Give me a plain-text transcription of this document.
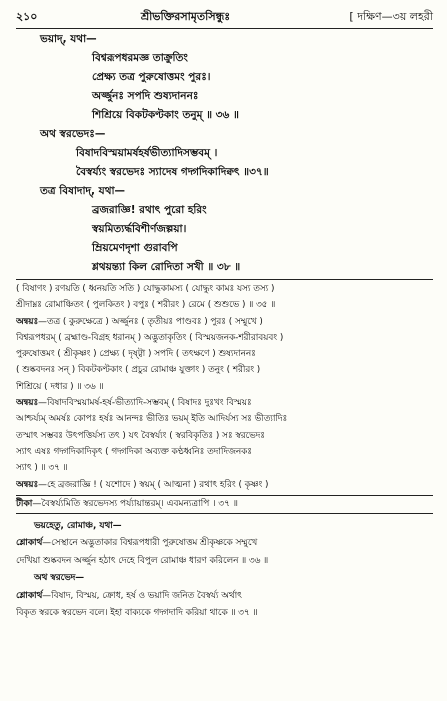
২১০	শ্রীভক্তিরসামৃতসিন্ধুঃ	[ দক্ষিণ—৩য় লহরী
ভয়াদ্‌, যথা—
বিশ্বরূপধরমজ্ঞ তাক্রুতিং
প্রেক্ষ্য তত্র পুরুষোত্তমং পুরঃ।
অর্জ্জুনঃ সপদি শুষ্যদাননঃ
শিশ্রিয়ে বিকটকণ্টকাং তনুম্‌ ॥ ৩৬ ॥
অথ স্বরভেদঃ—
বিষাদবিস্ময়ামর্ষহর্ষভীত্যাদিসম্ভবম্‌ ।
বৈস্বর্য্যং স্বরভেদঃ স্যাদেষ গদ্গদিকাদিক্বৎ ॥৩৭॥
তত্র বিষাদাদ্‌, যথা—
ব্রজরাজ্ঞি! রথাৎ পুরো হরিং
স্বয়মিত্যর্দ্ধবিশীর্ণজল্পয়া।
ম্রিয়মেণদৃশা গুরাবপি
শ্লথয়ন্ত্যা কিল রোদিতা সখী ॥ ৩৮ ॥
( বিষাণং ) রণয়তি ( ধ্বনয়তি সতি ) যোদ্ধুকামস্য ( যোদ্ধুং কামঃ যস্য তস্য )
শ্রীদাম্নঃ রোমাঞ্চিতং ( পুলকিতং ) বপুঃ ( শরীরং ) রেমে ( শুশুভে ) ॥ ৩৫ ॥
অন্বয়ঃ—তত্র ( কুরুক্ষেত্রে ) অর্জ্জুনঃ ( তৃতীয়ঃ পাণ্ডবঃ ) পুরঃ ( সম্মুখে )
বিশ্বরূপধরম্‌ ( ব্রহ্মাণ্ড-বিগ্রহ ধরানম্‌ ) অদ্ভুতাকৃতিং ( বিস্ময়জনক-শরীরাবয়বং )
পুরুষোত্তমং ( শ্রীকৃষ্ণং ) প্রেক্ষ্য ( দৃষ্ট্বা ) সপদি ( তৎক্ষণে ) শুষ্যদাননঃ
( শুষ্কবদনঃ সন্‌ ) বিকটকণ্টকাং ( প্রচুর রোমাঞ্চ যুক্তাং ) তনুং ( শরীরং )
শিশ্রিয়ে ( দধার ) ॥ ৩৬ ॥
অন্বয়ঃ—বিষাদবিস্ময়ামর্ষ-হর্ষ-ভীত্যাদি-সম্ভবম্‌ ( বিষাদঃ দুঃখং বিস্ময়ঃ
আশ্চর্য্যম্‌ অমর্ষঃ কোপঃ হর্ষঃ আনন্দঃ ভীতিঃ ভয়ম্‌ ইতি আদির্যস্য সঃ ভীত্যাদিঃ
তস্মাৎ সম্ভবঃ উৎপত্তির্যস্য তৎ ) যৎ বৈস্বর্য্যং ( স্বরবিকৃতিঃ ) সঃ স্বরভেদঃ
স্যাৎ এষঃ গদ্গদিকাদিকৃৎ ( গদ্গদিকা অব্যক্ত কণ্ঠধ্বনিঃ তদাদিজনকঃ
স্যাৎ ) ॥ ৩৭ ॥
অন্বয়ঃ—হে ব্রজরাজ্ঞি ! ( যশোদে ) স্বয়ম্‌ ( আত্মনা ) রথাৎ হরিং ( কৃষ্ণং )
টীকা—বৈস্বর্য্যমিতি স্বরভেদস্য পর্য্যায়ান্তরম্‌। এবমন্যত্রাপি । ৩৭ ॥
ভয়হেতু, রোমাঞ্চ, যথা—
শ্লোকার্থ—সেস্থানে অদ্ভুতাকার বিশ্বরূপধারী পুরুষোত্তম শ্রীকৃষ্ণকে সম্মুখে
দেখিয়া শুষ্কবদন অর্জ্জুন হঠাৎ দেহে বিপুল রোমাঞ্চ ধারণ করিলেন ॥ ৩৬ ॥
অথ স্বরভেদ—
শ্লোকার্থ—বিষাদ, বিস্ময়, ক্রোধ, হর্ষ ও ভয়াদি জনিত বৈস্বর্য্য অর্থাৎ
বিকৃত স্বরকে স্বরভেদ বলে। ইহা বাক্যকে গদ্গদাদি করিয়া থাকে ॥ ৩৭ ॥
